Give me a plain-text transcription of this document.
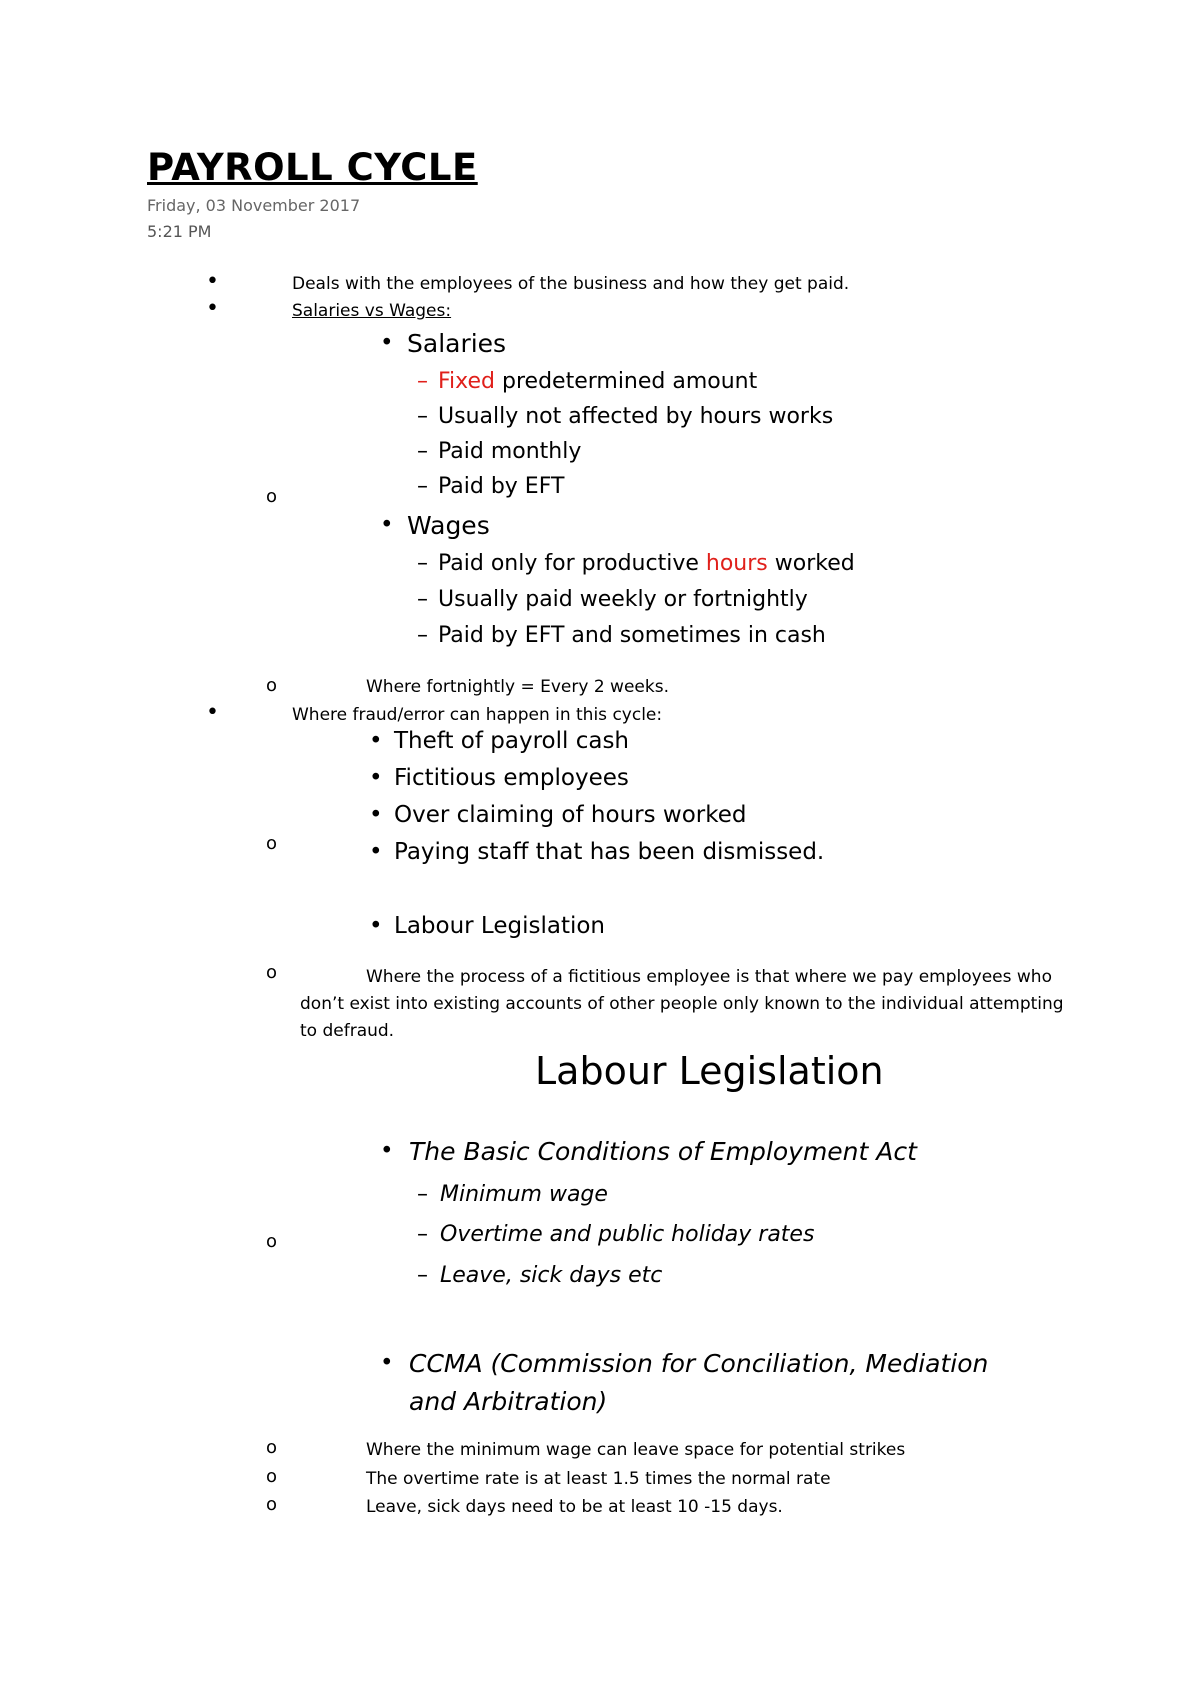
PAYROLL CYCLE
Friday, 03 November 2017
5:21 PM
•	Deals with the employees of the business and how they get paid.
•	Salaries vs Wages:
o
• Salaries
– Fixed predetermined amount
– Usually not affected by hours works
– Paid monthly
– Paid by EFT
• Wages
– Paid only for productive hours worked
– Usually paid weekly or fortnightly
– Paid by EFT and sometimes in cash
o	Where fortnightly = Every 2 weeks.
•	Where fraud/error can happen in this cycle:
o
• Theft of payroll cash
• Fictitious employees
• Over claiming of hours worked
• Paying staff that has been dismissed.
• Labour Legislation
o	Where the process of a fictitious employee is that where we pay employees who don’t exist into existing accounts of other people only known to the individual attempting to defraud.
Labour Legislation
• The Basic Conditions of Employment Act
o
– Minimum wage
– Overtime and public holiday rates
– Leave, sick days etc
• CCMA (Commission for Conciliation, Mediation
and Arbitration)
o	Where the minimum wage can leave space for potential strikes
o	The overtime rate is at least 1.5 times the normal rate
o	Leave, sick days need to be at least 10 -15 days.
